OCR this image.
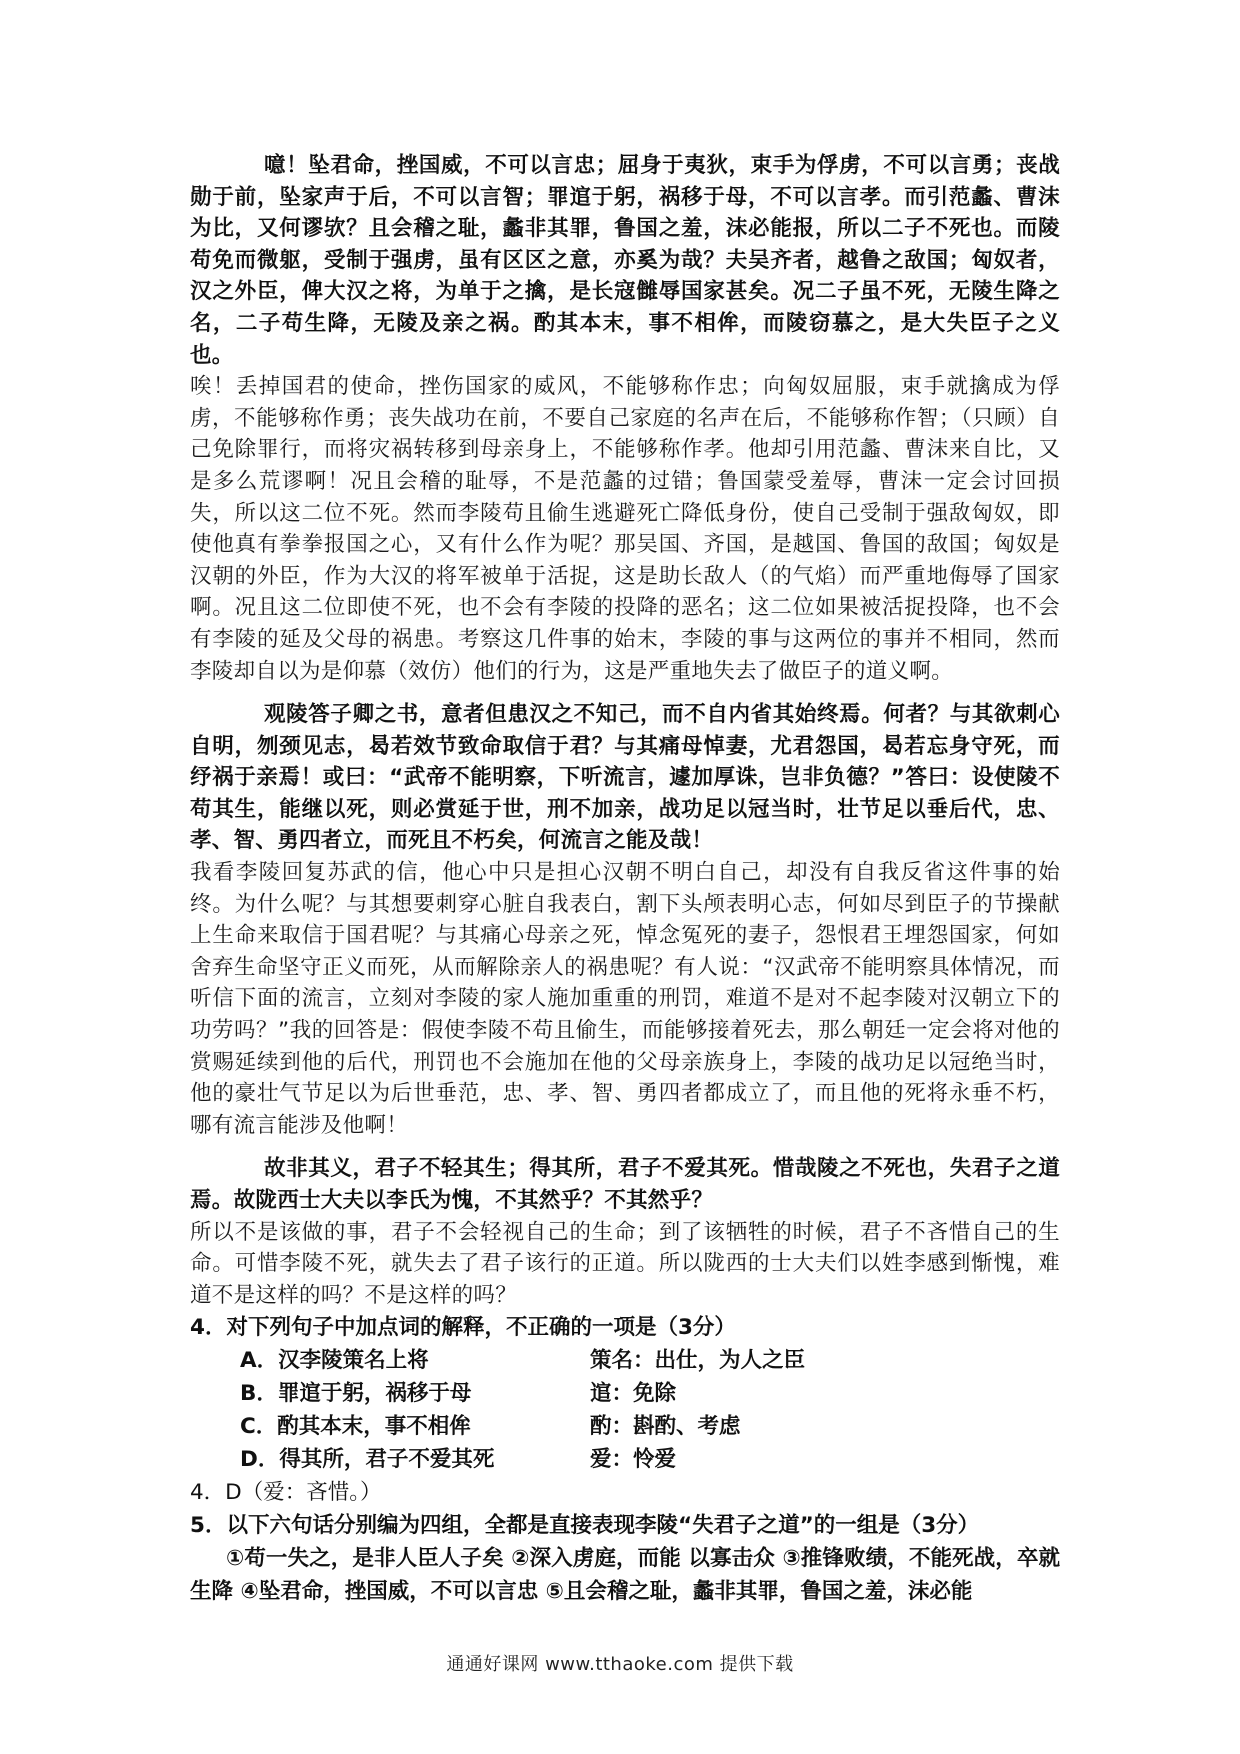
噫！坠君命，挫国威，不可以言忠；屈身于夷狄，束手为俘虏，不可以言勇；丧战勋于前，坠家声于后，不可以言智；罪逭于躬，祸移于母，不可以言孝。而引范蠡、曹沫为比，又何谬欤？且会稽之耻，蠡非其罪，鲁国之羞，沫必能报，所以二子不死也。而陵苟免而微躯，受制于强虏，虽有区区之意，亦奚为哉？夫吴齐者，越鲁之敌国；匈奴者，汉之外臣，俾大汉之将，为单于之擒，是长寇雠辱国家甚矣。况二子虽不死，无陵生降之名，二子苟生降，无陵及亲之祸。酌其本末，事不相侔，而陵窃慕之，是大失臣子之义也。

唉！丢掉国君的使命，挫伤国家的威风，不能够称作忠；向匈奴屈服，束手就擒成为俘虏，不能够称作勇；丧失战功在前，不要自己家庭的名声在后，不能够称作智；（只顾）自己免除罪行，而将灾祸转移到母亲身上，不能够称作孝。他却引用范蠡、曹沫来自比，又是多么荒谬啊！况且会稽的耻辱，不是范蠡的过错；鲁国蒙受羞辱，曹沫一定会讨回损失，所以这二位不死。然而李陵苟且偷生逃避死亡降低身份，使自己受制于强敌匈奴，即使他真有拳拳报国之心，又有什么作为呢？那吴国、齐国，是越国、鲁国的敌国；匈奴是汉朝的外臣，作为大汉的将军被单于活捉，这是助长敌人（的气焰）而严重地侮辱了国家啊。况且这二位即使不死，也不会有李陵的投降的恶名；这二位如果被活捉投降，也不会有李陵的延及父母的祸患。考察这几件事的始末，李陵的事与这两位的事并不相同，然而李陵却自以为是仰慕（效仿）他们的行为，这是严重地失去了做臣子的道义啊。

观陵答子卿之书，意者但患汉之不知己，而不自内省其始终焉。何者？与其欲刺心自明，刎颈见志，曷若效节致命取信于君？与其痛母悼妻，尤君怨国，曷若忘身守死，而纾祸于亲焉！或曰：“武帝不能明察，下听流言，遽加厚诛，岂非负德？”答曰：设使陵不苟其生，能继以死，则必赏延于世，刑不加亲，战功足以冠当时，壮节足以垂后代，忠、孝、智、勇四者立，而死且不朽矣，何流言之能及哉！

我看李陵回复苏武的信，他心中只是担心汉朝不明白自己，却没有自我反省这件事的始终。为什么呢？与其想要刺穿心脏自我表白，割下头颅表明心志，何如尽到臣子的节操献上生命来取信于国君呢？与其痛心母亲之死，悼念冤死的妻子，怨恨君王埋怨国家，何如舍弃生命坚守正义而死，从而解除亲人的祸患呢？有人说：“汉武帝不能明察具体情况，而听信下面的流言，立刻对李陵的家人施加重重的刑罚，难道不是对不起李陵对汉朝立下的功劳吗？”我的回答是：假使李陵不苟且偷生，而能够接着死去，那么朝廷一定会将对他的赏赐延续到他的后代，刑罚也不会施加在他的父母亲族身上，李陵的战功足以冠绝当时，他的豪壮气节足以为后世垂范，忠、孝、智、勇四者都成立了，而且他的死将永垂不朽，哪有流言能涉及他啊！

故非其义，君子不轻其生；得其所，君子不爱其死。惜哉陵之不死也，失君子之道焉。故陇西士大夫以李氏为愧，不其然乎？不其然乎？

所以不是该做的事，君子不会轻视自己的生命；到了该牺牲的时候，君子不吝惜自己的生命。可惜李陵不死，就失去了君子该行的正道。所以陇西的士大夫们以姓李感到惭愧，难道不是这样的吗？不是这样的吗？

4．对下列句子中加点词的解释，不正确的一项是（3分）

A．汉李陵策名上将	策名：出仕，为人之臣
B．罪逭于躬，祸移于母	逭：免除
C．酌其本末，事不相侔	酌：斟酌、考虑
D．得其所，君子不爱其死	爱：怜爱

4．D（爱：吝惜。）

5．以下六句话分别编为四组，全都是直接表现李陵“失君子之道”的一组是（3分）

①苟一失之，是非人臣人子矣 ②深入虏庭，而能 以寡击众 ③推锋败绩，不能死战，卒就生降 ④坠君命，挫国威，不可以言忠 ⑤且会稽之耻，蠡非其罪，鲁国之羞，沫必能

通通好课网 www.tthaoke.com 提供下载
